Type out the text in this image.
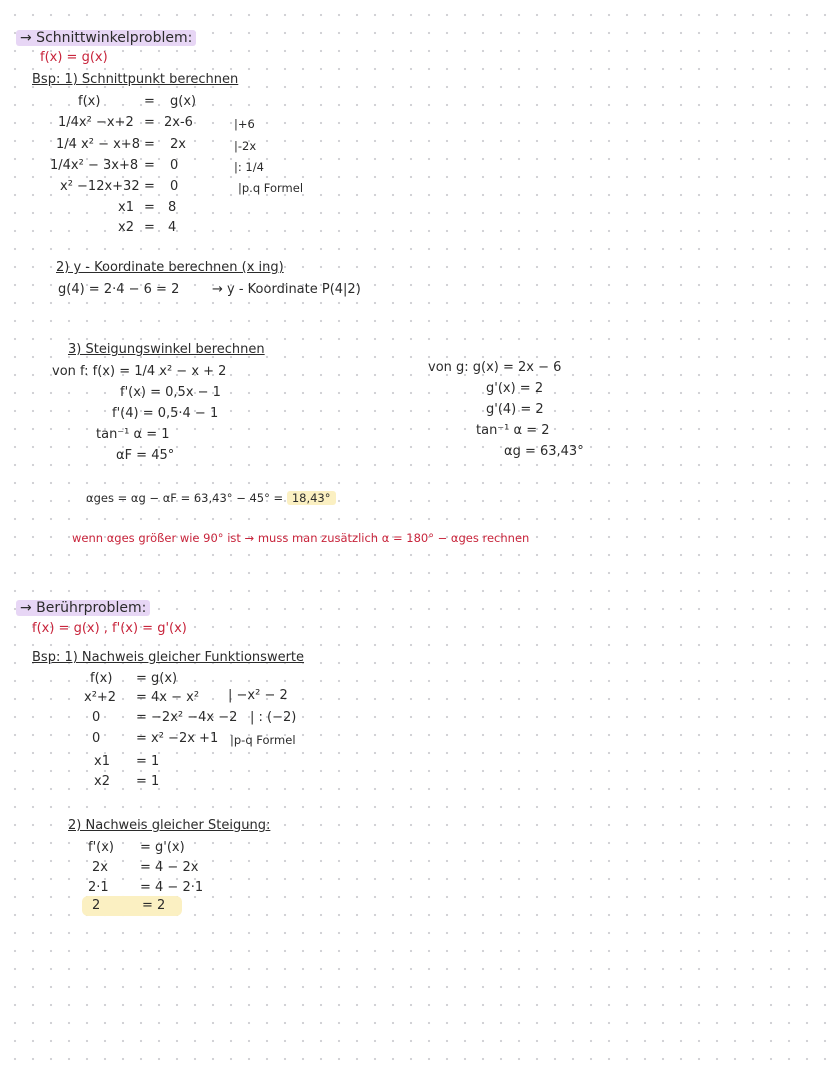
→ Schnittwinkelproblem:
f(x) = g(x)
Bsp: 1) Schnittpunkt berechnen
f(x)	= g(x)
1/4x² −x+2 = 2x-6	|+6
1/4 x² − x+8 = 2x	|-2x
1/4x² − 3x+8 = 0	|: 1/4
x² −12x+32 = 0	|p.q Formel
x1 = 8
x2 = 4
2) y - Koordinate berechnen (x ing)
g(4) = 2·4 − 6 = 2	→ y - Koordinate P(4|2)
3) Steigungswinkel berechnen
von f: f(x) = 1/4 x² − x + 2
f'(x) = 0,5x − 1
f'(4) = 0,5·4 − 1
tan⁻¹ α = 1
αF = 45°
von g: g(x) = 2x − 6
g'(x) = 2
g'(4) = 2
tan⁻¹ α = 2
αg = 63,43°
αges = αg − αF = 63,43° − 45° = 18,43°
wenn αges größer wie 90° ist → muss man zusätzlich α = 180° − αges rechnen
→ Berührproblem:
f(x) = g(x) , f'(x) = g'(x)
Bsp: 1) Nachweis gleicher Funktionswerte
f(x) = g(x)
x²+2 = 4x − x² | −x² − 2
0	= −2x² −4x −2 | : (−2)
0	= x² −2x +1 |p-q Formel
x1 = 1
x2 = 1
2) Nachweis gleicher Steigung:
f'(x) = g'(x)
2x = 4 − 2x
2·1 = 4 − 2·1
2	= 2
